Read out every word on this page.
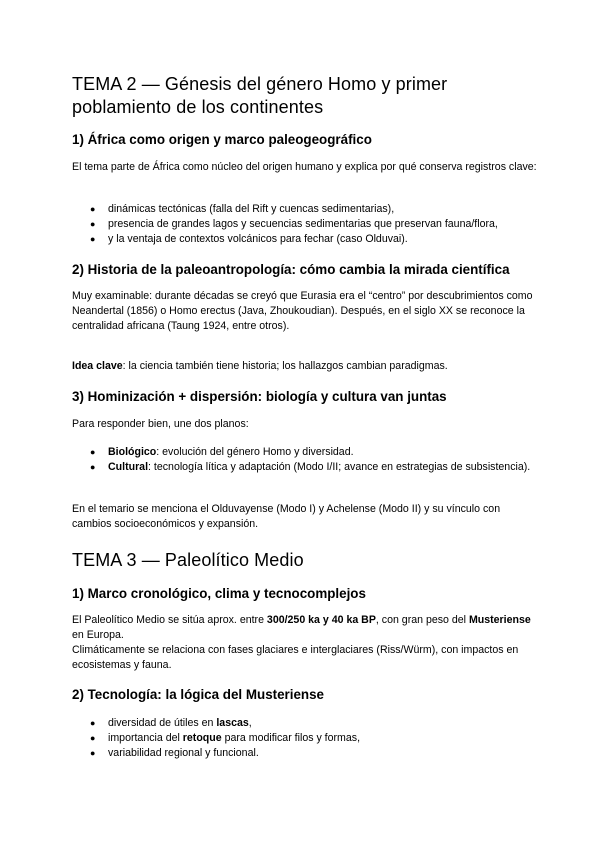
TEMA 2 — Génesis del género Homo y primer poblamiento de los continentes
1) África como origen y marco paleogeográfico

El tema parte de África como núcleo del origen humano y explica por qué conserva registros clave:

● dinámicas tectónicas (falla del Rift y cuencas sedimentarias),
● presencia de grandes lagos y secuencias sedimentarias que preservan fauna/flora,
● y la ventaja de contextos volcánicos para fechar (caso Olduvai).
2) Historia de la paleoantropología: cómo cambia la mirada científica

Muy examinable: durante décadas se creyó que Eurasia era el “centro” por descubrimientos como Neandertal (1856) o Homo erectus (Java, Zhoukoudian). Después, en el siglo XX se reconoce la centralidad africana (Taung 1924, entre otros).

Idea clave: la ciencia también tiene historia; los hallazgos cambian paradigmas.

3) Hominización + dispersión: biología y cultura van juntas

Para responder bien, une dos planos:

● Biológico: evolución del género Homo y diversidad.
● Cultural: tecnología lítica y adaptación (Modo I/II; avance en estrategias de subsistencia).

En el temario se menciona el Olduvayense (Modo I) y Achelense (Modo II) y su vínculo con cambios socioeconómicos y expansión.

TEMA 3 — Paleolítico Medio
1) Marco cronológico, clima y tecnocomplejos

El Paleolítico Medio se sitúa aprox. entre 300/250 ka y 40 ka BP, con gran peso del Musteriense en Europa.

Climáticamente se relaciona con fases glaciares e interglaciares (Riss/Würm), con impactos en ecosistemas y fauna.

2) Tecnología: la lógica del Musteriense
● diversidad de útiles en lascas,
● importancia del retoque para modificar filos y formas,
● variabilidad regional y funcional.
